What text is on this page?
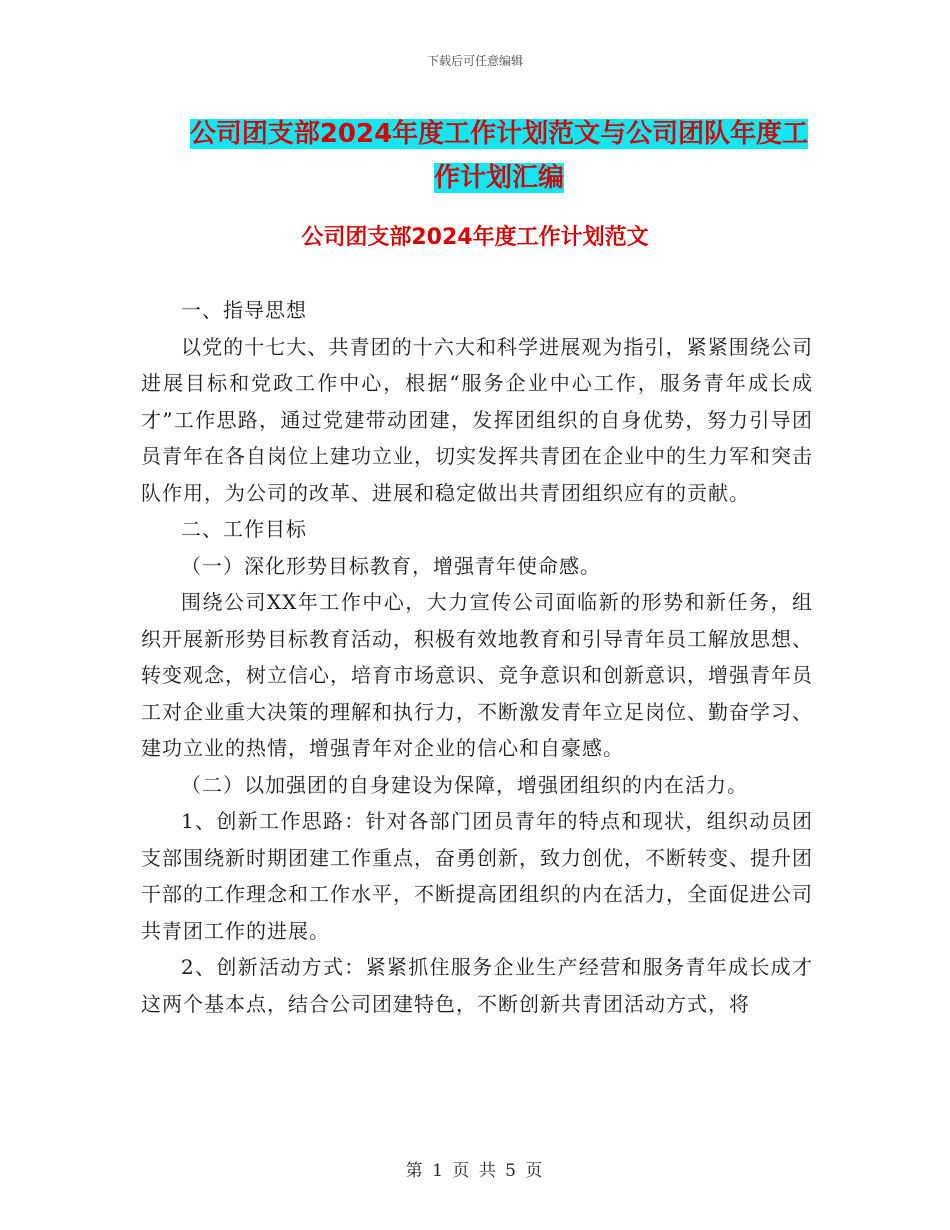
下载后可任意编辑
公司团支部2024年度工作计划范文与公司团队年度工
作计划汇编
公司团支部2024年度工作计划范文

一、指导思想

以党的十七大、共青团的十六大和科学进展观为指引，紧紧围绕公司进展目标和党政工作中心，根据“服务企业中心工作，服务青年成长成才”工作思路，通过党建带动团建，发挥团组织的自身优势，努力引导团员青年在各自岗位上建功立业，切实发挥共青团在企业中的生力军和突击队作用，为公司的改革、进展和稳定做出共青团组织应有的贡献。

二、工作目标

（一）深化形势目标教育，增强青年使命感。

围绕公司XX年工作中心，大力宣传公司面临新的形势和新任务，组织开展新形势目标教育活动，积极有效地教育和引导青年员工解放思想、转变观念，树立信心，培育市场意识、竞争意识和创新意识，增强青年员工对企业重大决策的理解和执行力，不断激发青年立足岗位、勤奋学习、建功立业的热情，增强青年对企业的信心和自豪感。

（二）以加强团的自身建设为保障，增强团组织的内在活力。

1、创新工作思路：针对各部门团员青年的特点和现状，组织动员团支部围绕新时期团建工作重点，奋勇创新，致力创优，不断转变、提升团干部的工作理念和工作水平，不断提高团组织的内在活力，全面促进公司共青团工作的进展。

2、创新活动方式：紧紧抓住服务企业生产经营和服务青年成长成才这两个基本点，结合公司团建特色，不断创新共青团活动方式，将

第 1 页 共 5 页
